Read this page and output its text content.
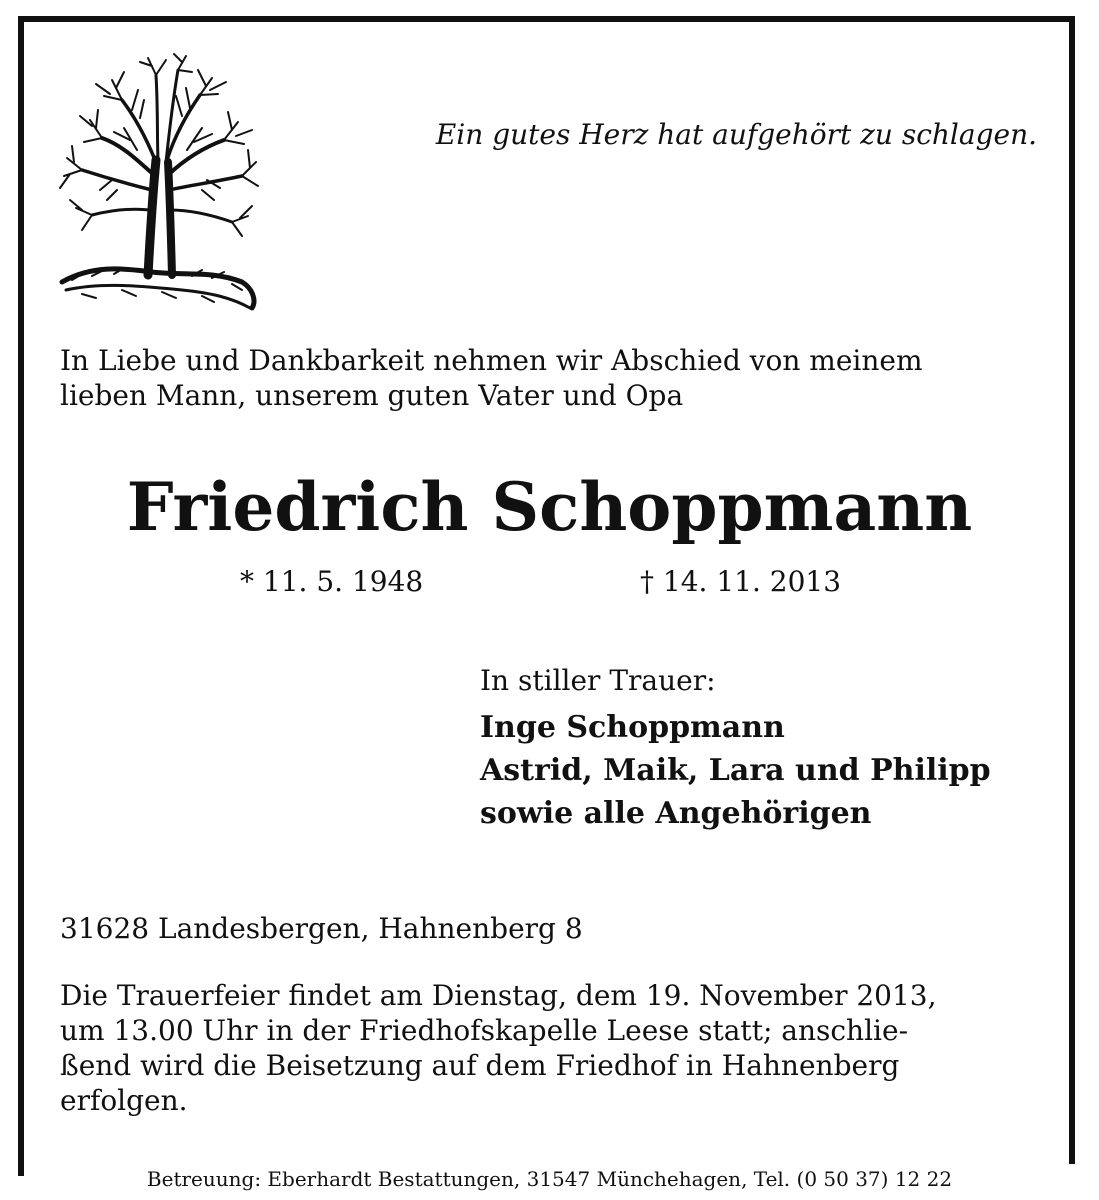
Ein gutes Herz hat aufgehört zu schlagen.
In Liebe und Dankbarkeit nehmen wir Abschied von meinem
lieben Mann, unserem guten Vater und Opa
Friedrich Schoppmann
* 11. 5. 1948	† 14. 11. 2013
In stiller Trauer:
Inge Schoppmann
Astrid, Maik, Lara und Philipp
sowie alle Angehörigen
31628 Landesbergen, Hahnenberg 8
Die Trauerfeier findet am Dienstag, dem 19. November 2013,
um 13.00 Uhr in der Friedhofskapelle Leese statt; anschlie-
ßend wird die Beisetzung auf dem Friedhof in Hahnenberg
erfolgen.
Betreuung: Eberhardt Bestattungen, 31547 Münchehagen, Tel. (0 50 37) 12 22
